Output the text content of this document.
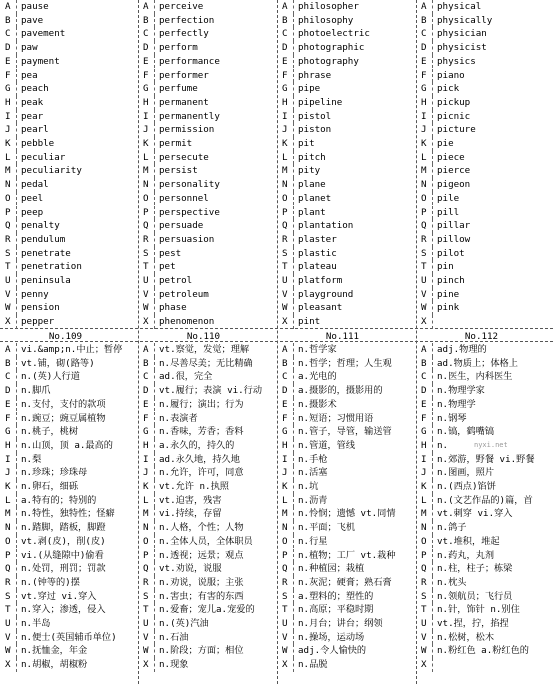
A	pause
B	pave
C	pavement
D	paw
E	payment
F	pea
G	peach
H	peak
I	pear
J	pearl
K	pebble
L	peculiar
M	peculiarity
N	pedal
O	peel
P	peep
Q	penalty
R	pendulum
S	penetrate
T	penetration
U	peninsula
V	penny
W	pension
X	pepper
No.109
A	vi.&amp;n.中止；暂停
B	vt.铺，砌(路等)
C	n.(英)人行道
D	n.脚爪
E	n.支付，支付的款项
F	n.豌豆；豌豆属植物
G	n.桃子，桃树
H	n.山顶，顶 a.最高的
I	n.梨
J	n.珍珠；珍珠母
K	n.卵石，细砾
L	a.特有的；特别的
M	n.特性，独特性；怪癖
N	n.踏脚，踏板，脚蹬
O	vt.剥(皮)，削(皮)
P	vi.(从缝隙中)偷看
Q	n.处罚，刑罚；罚款
R	n.(钟等的)摆
S	vt.穿过 vi.穿入
T	n.穿入；渗透，侵入
U	n.半岛
V	n.便士(英国辅币单位)
W	n.抚恤金，年金
X	n.胡椒，胡椒粉
A	perceive
B	perfection
C	perfectly
D	perform
E	performance
F	performer
G	perfume
H	permanent
I	permanently
J	permission
K	permit
L	persecute
M	persist
N	personality
O	personnel
P	perspective
Q	persuade
R	persuasion
S	pest
T	pet
U	petrol
V	petroleum
W	phase
X	phenomenon
No.110
A	vt.察觉，发觉；理解
B	n.尽善尽美；无比精确
C	ad.很，完全
D	vt.履行；表演 vi.行动
E	n.履行；演出；行为
F	n.表演者
G	n.香味，芳香；香料
H	a.永久的，持久的
I	ad.永久地，持久地
J	n.允许，许可，同意
K	vt.允许 n.执照
L	vt.迫害，残害
M	vi.持续，存留
N	n.人格，个性；人物
O	n.全体人员，全体职员
P	n.透视；远景；观点
Q	vt.劝说，说服
R	n.劝说，说服；主张
S	n.害虫；有害的东西
T	n.爱畜；宠儿a.宠爱的
U	n.(英)汽油
V	n.石油
W	n.阶段；方面；相位
X	n.现象
A	philosopher
B	philosophy
C	photoelectric
D	photographic
E	photography
F	phrase
G	pipe
H	pipeline
I	pistol
J	piston
K	pit
L	pitch
M	pity
N	plane
O	planet
P	plant
Q	plantation
R	plaster
S	plastic
T	plateau
U	platform
V	playground
W	pleasant
X	pint
No.111
A	n.哲学家
B	n.哲学；哲理；人生观
C	a.光电的
D	a.摄影的，摄影用的
E	n.摄影术
F	n.短语；习惯用语
G	n.管子，导管，输送管
H	n.管道，管线
I	n.手枪
J	n.活塞
K	n.坑
L	n.沥青
M	n.怜悯；遗憾 vt.同情
N	n.平面；飞机
O	n.行星
P	n.植物；工厂 vt.栽种
Q	n.种植园；栽植
R	n.灰泥；硬膏；熟石膏
S	a.塑料的；塑性的
T	n.高原；平稳时期
U	n.月台；讲台；纲领
V	n.操场，运动场
W	adj.令人愉快的
X	n.品脱
A	physical
B	physically
C	physician
D	physicist
E	physics
F	piano
G	pick
H	pickup
I	picnic
J	picture
K	pie
L	piece
M	pierce
N	pigeon
O	pile
P	pill
Q	pillar
R	pillow
S	pilot
T	pin
U	pinch
V	pine
W	pink
X
No.112
A	adj.物理的
B	ad.物质上；体格上
C	n.医生，内科医生
D	n.物理学家
E	n.物理学
F	n.钢琴
G	n.镐，鹤嘴镐
H	n.
I	n.郊游，野餐 vi.野餐
J	n.图画，照片
K	n.(西点)馅饼
L	n.(文艺作品的)篇，首
M	vt.刺穿 vi.穿入
N	n.鸽子
O	vt.堆积，堆起
P	n.药丸，丸剂
Q	n.柱，柱子；栋梁
R	n.枕头
S	n.领航员；飞行员
T	n.针，饰针 n.别住
U	vt.捏，拧，掐捏
V	n.松树，松木
W	n.粉红色 a.粉红色的
X
nyxi.net
